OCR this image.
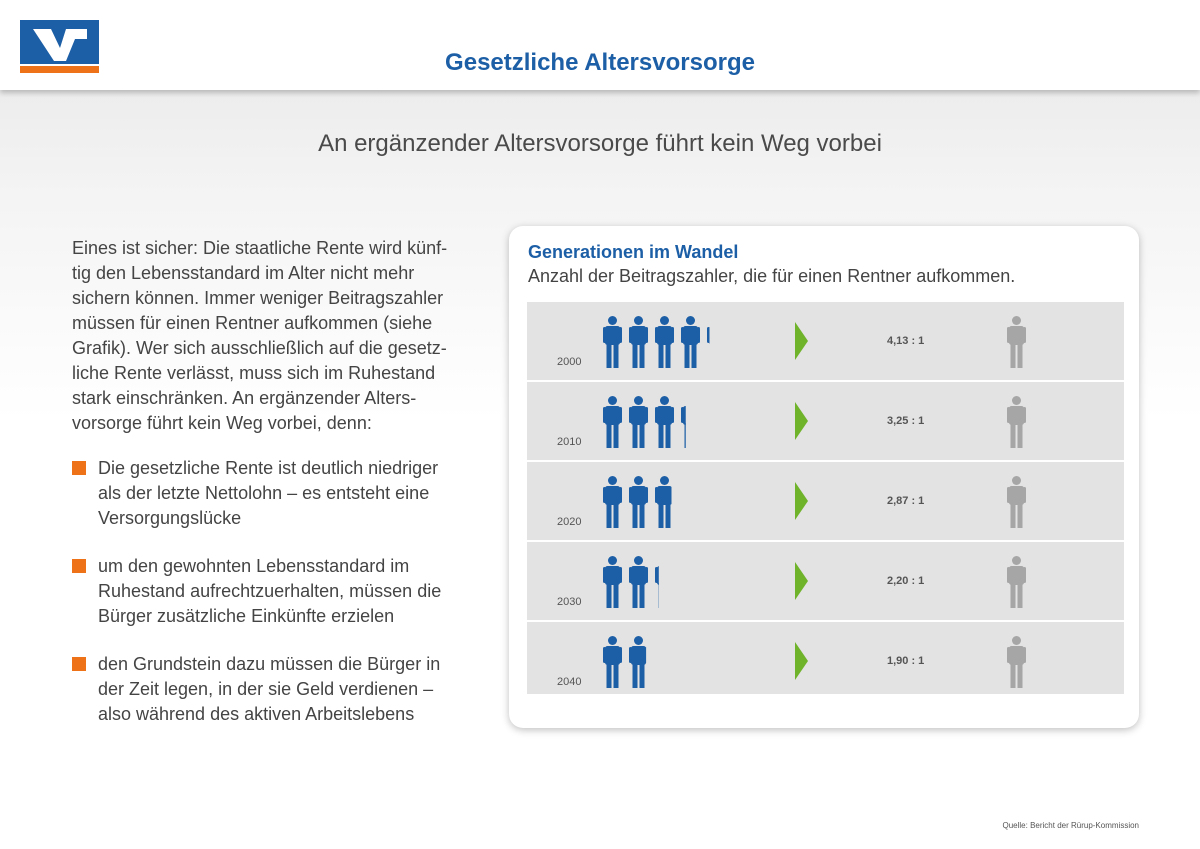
Gesetzliche Altersvorsorge
An ergänzender Altersvorsorge führt kein Weg vorbei
Eines ist sicher: Die staatliche Rente wird künf-
tig den Lebensstandard im Alter nicht mehr
sichern können. Immer weniger Beitragszahler
müssen für einen Rentner aufkommen (siehe
Grafik). Wer sich ausschließlich auf die gesetz-
liche Rente verlässt, muss sich im Ruhestand
stark einschränken. An ergänzender Alters-
vorsorge führt kein Weg vorbei, denn:
Die gesetzliche Rente ist deutlich niedriger
als der letzte Nettolohn – es entsteht eine
Versorgungslücke
um den gewohnten Lebensstandard im
Ruhestand aufrechtzuerhalten, müssen die
Bürger zusätzliche Einkünfte erzielen
den Grundstein dazu müssen die Bürger in
der Zeit legen, in der sie Geld verdienen –
also während des aktiven Arbeitslebens
Generationen im Wandel
Anzahl der Beitragszahler, die für einen Rentner aufkommen.
2000
4,13 : 1
2010
3,25 : 1
2020
2,87 : 1
2030
2,20 : 1
2040
1,90 : 1
Quelle: Bericht der Rürup-Kommission
